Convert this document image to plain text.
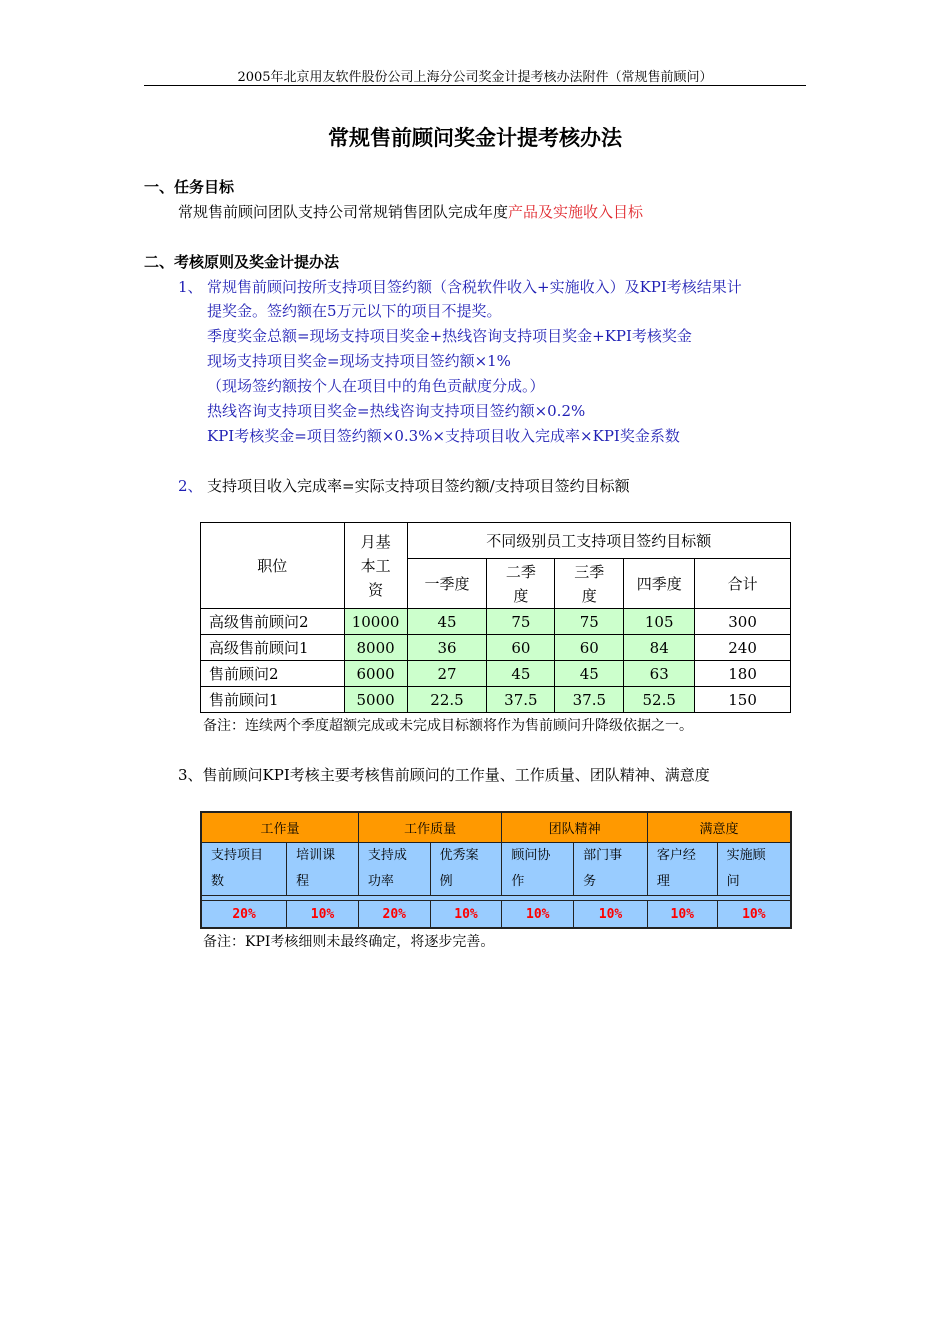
2005年北京用友软件股份公司上海分公司奖金计提考核办法附件（常规售前顾问）
常规售前顾问奖金计提考核办法
一、任务目标
常规售前顾问团队支持公司常规销售团队完成年度产品及实施收入目标
二、考核原则及奖金计提办法
1、 常规售前顾问按所支持项目签约额（含税软件收入+实施收入）及KPI考核结果计
提奖金。签约额在5万元以下的项目不提奖。
季度奖金总额=现场支持项目奖金+热线咨询支持项目奖金+KPI考核奖金
现场支持项目奖金=现场支持项目签约额×1%
（现场签约额按个人在项目中的角色贡献度分成。）
热线咨询支持项目奖金=热线咨询支持项目签约额×0.2%
KPI考核奖金=项目签约额×0.3%×支持项目收入完成率×KPI奖金系数
2、 支持项目收入完成率=实际支持项目签约额/支持项目签约目标额
职位	月基本工资	不同级别员工支持项目签约目标额				
		一季度	二季度	三季度	四季度	合计
高级售前顾问2	10000	45	75	75	105	300
高级售前顾问1	8000	36	60	60	84	240
售前顾问2	6000	27	45	45	63	180
售前顾问1	5000	22.5	37.5	37.5	52.5	150
备注：连续两个季度超额完成或未完成目标额将作为售前顾问升降级依据之一。
3、售前顾问KPI考核主要考核售前顾问的工作量、工作质量、团队精神、满意度
工作量		工作质量		团队精神		满意度	
支持项目数	培训课程	支持成功率	优秀案例	顾问协作	部门事务	客户经理	实施顾问

20%	10%	20%	10%	10%	10%	10%	10%
备注：KPI考核细则未最终确定，将逐步完善。
